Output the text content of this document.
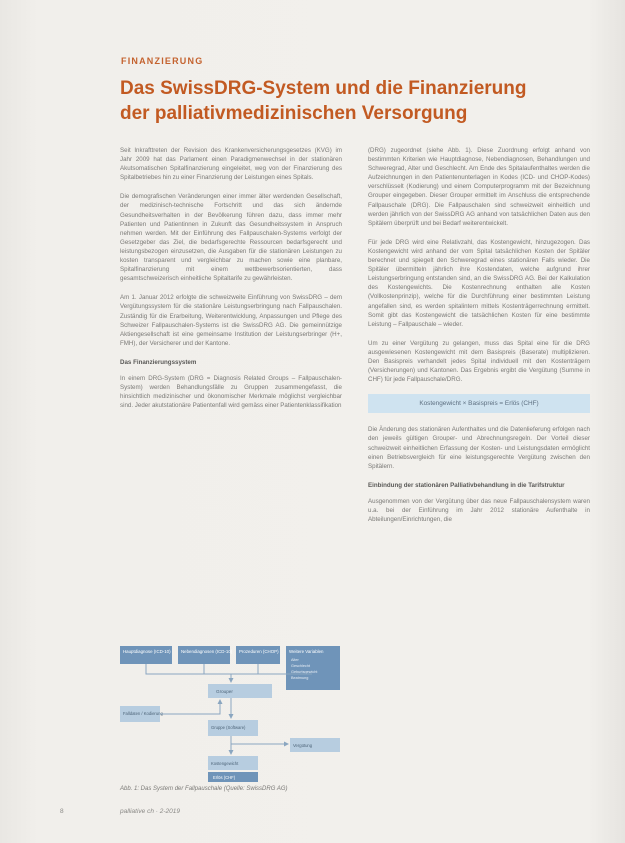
FINANZIERUNG
Das SwissDRG-System und die Finanzierung der palliativmedizinischen Versorgung

Seit Inkrafttreten der Revision des Krankenversicherungsgesetzes (KVG) im Jahr 2009 hat das Parlament einen Paradigmenwechsel in der stationären Akutsomatischen Spitalfinanzierung eingeleitet, weg von der Finanzierung des Spitalbetriebes hin zu einer Finanzierung der Leistungen eines Spitals.

Die demografischen Veränderungen einer immer älter werdenden Gesellschaft, der medizinisch-technische Fortschritt und das sich ändernde Gesundheitsverhalten in der Bevölkerung führen dazu, dass immer mehr Patienten und Patientinnen in Zukunft das Gesundheitssystem in Anspruch nehmen werden. Mit der Einführung des Fallpauschalen-Systems verfolgt der Gesetzgeber das Ziel, die bedarfsgerechte Ressourcen bedarfsgerecht und leistungsbezogen einzusetzen, die Ausgaben für die stationären Leistungen zu kosten transparent und vergleichbar zu machen sowie eine planbare, Spitalfinanzierung mit einem wettbewerbsorientierten, dass gesamtschweizerisch einheitliche Spitaltarife zu gewährleisten.

Am 1. Januar 2012 erfolgte die schweizweite Einführung von SwissDRG – dem Vergütungssystem für die stationäre Leistungserbringung nach Fallpauschalen. Zuständig für die Erarbeitung, Weiterentwicklung, Anpassungen und Pflege des Schweizer Fallpauschalen-Systems ist die SwissDRG AG. Die gemeinnützige Aktiengesellschaft ist eine gemeinsame Institution der Leistungserbringer (H+, FMH), der Versicherer und der Kantone.

Das Finanzierungssystem

In einem DRG-System (DRG = Diagnosis Related Groups – Fallpauschalen-System) werden Behandlungsfälle zu Gruppen zusammengefasst, die hinsichtlich medizinischer und ökonomischer Merkmale möglichst vergleichbar sind. Jeder akutstationäre Patientenfall wird gemäss einer Patientenklassifikation

(DRG) zugeordnet (siehe Abb. 1). Diese Zuordnung erfolgt anhand von bestimmten Kriterien wie Hauptdiagnose, Nebendiagnosen, Behandlungen und Schweregrad, Alter und Geschlecht. Am Ende des Spitalaufenthaltes werden die Aufzeichnungen in den Patientenunterlagen in Kodes (ICD- und CHOP-Kodes) verschlüsselt (Kodierung) und einem Computerprogramm mit der Bezeichnung Grouper eingegeben. Dieser Grouper ermittelt im Anschluss die entsprechende Fallpauschale (DRG). Die Fallpauschalen sind schweizweit einheitlich und werden jährlich von der SwissDRG AG anhand von tatsächlichen Daten aus den Spitälern überprüft und bei Bedarf weiterentwickelt.

Für jede DRG wird eine Relativzahl, das Kostengewicht, hinzugezogen. Das Kostengewicht wird anhand der vom Spital tatsächlichen Kosten der Spitäler berechnet und spiegelt den Schweregrad eines stationären Falls wieder. Die Spitäler übermitteln jährlich ihre Kostendaten, welche aufgrund ihrer Leistungserbringung entstanden sind, an die SwissDRG AG. Bei der Kalkulation des Kostengewichts. Die Kostenrechnung enthalten alle Kosten (Vollkostenprinzip), welche für die Durchführung einer bestimmten Leistung angefallen sind, es werden spitalintern mittels Kostenträgerrechnung ermittelt. Somit gibt das Kostengewicht die tatsächlichen Kosten für eine bestimmte Leistung – Fallpauschale – wieder.

Um zu einer Vergütung zu gelangen, muss das Spital eine für die DRG ausgewiesenen Kostengewicht mit dem Basispreis (Baserate) multiplizieren. Den Basispreis verhandelt jedes Spital individuell mit den Kostenträgern (Versicherungen) und Kantonen. Das Ergebnis ergibt die Vergütung (Summe in CHF) für jede Fallpauschale/DRG.

Kostengewicht × Basispreis = Erlös (CHF)

Die Änderung des stationären Aufenthaltes und die Datenlieferung erfolgen nach den jeweils gültigen Grouper- und Abrechnungsregeln. Der Vorteil dieser schweizweit einheitlichen Erfassung der Kosten- und Leistungsdaten ermöglicht einen Betriebsvergleich für eine leistungsgerechte Vergütung zwischen den Spitälern.

Einbindung der stationären Palliativbehandlung in die Tarifstruktur

Ausgenommen von der Vergütung über das neue Fallpauschalensystem waren u.a. bei der Einführung im Jahr 2012 stationäre Aufenthalte in Abteilungen/Einrichtungen, die

Hauptdiagnose (ICD-10) Nebendiagnosen (ICD-10) Prozeduren (CHOP) Weitere Variablen
Alter
Geschlecht
Geburtsgewicht
Beatmung
Grouper
Falldaten / Kodierung
Gruppe (Software)
Vergütung
Kostengewicht
Erlös (CHF)
Abb. 1: Das System der Fallpauschale (Quelle: SwissDRG AG)
8	palliative ch · 2-2019
